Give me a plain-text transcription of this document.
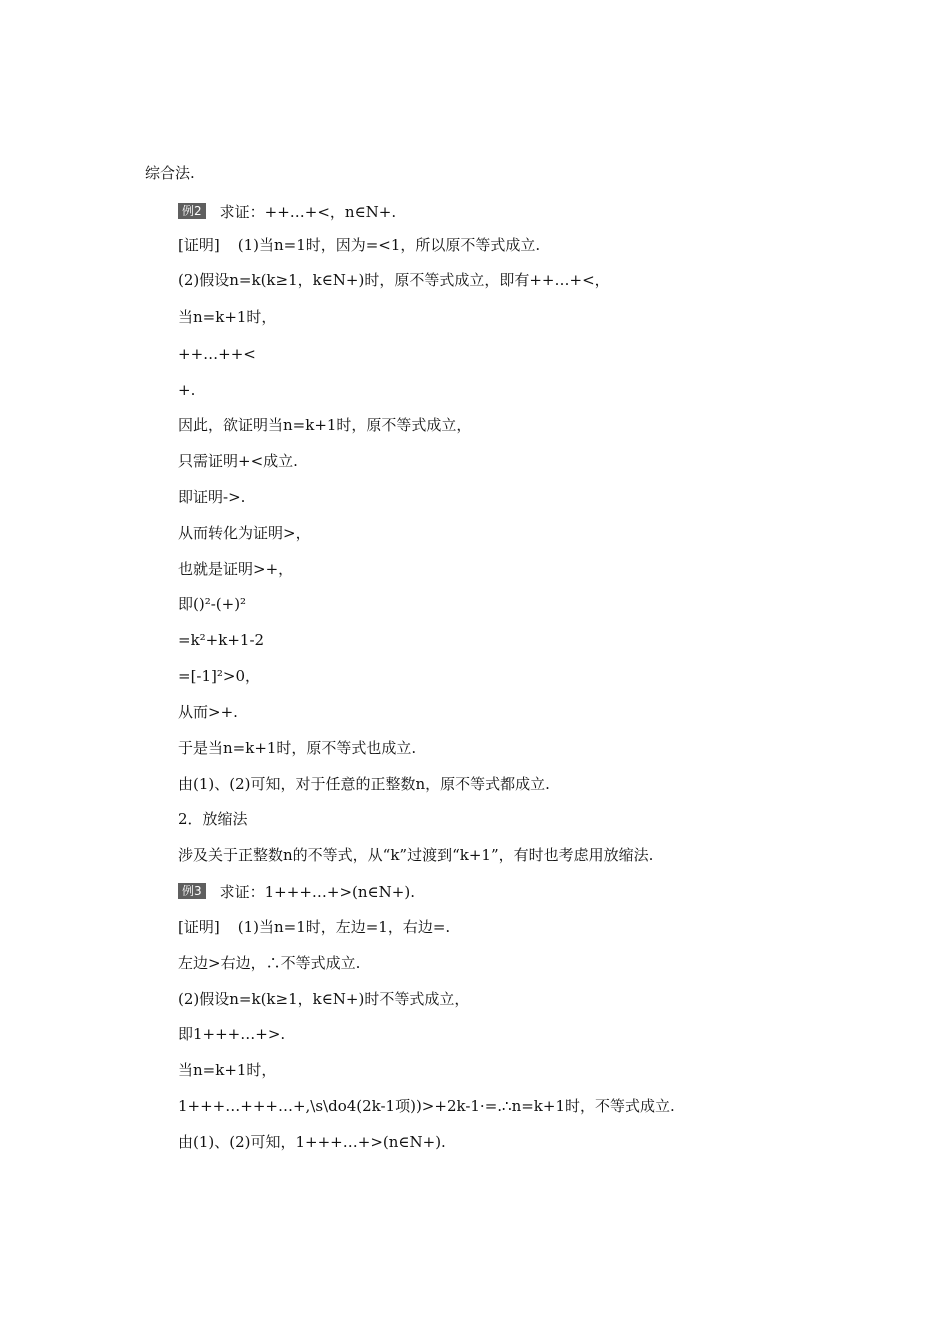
综合法.
例2 求证：++…+<，n∈N+.
[证明] (1)当n=1时，因为=<1，所以原不等式成立.
(2)假设n=k(k≥1，k∈N+)时，原不等式成立，即有++…+<，
当n=k+1时，
++…++<
+.
因此，欲证明当n=k+1时，原不等式成立，
只需证明+<成立.
即证明->.
从而转化为证明>，
也就是证明>+，
即()²-(+)²
=k²+k+1-2
=[-1]²>0，
从而>+.
于是当n=k+1时，原不等式也成立.
由(1)、(2)可知，对于任意的正整数n，原不等式都成立.
2．放缩法
涉及关于正整数n的不等式，从“k”过渡到“k+1”，有时也考虑用放缩法.
例3 求证：1+++…+>(n∈N+).
[证明] (1)当n=1时，左边=1，右边=.
左边>右边，∴不等式成立.
(2)假设n=k(k≥1，k∈N+)时不等式成立，
即1+++…+>.
当n=k+1时，
1+++…+++…+,\s\do4(2k-1项))>+2k-1·=.∴n=k+1时，不等式成立.
由(1)、(2)可知，1+++…+>(n∈N+).
